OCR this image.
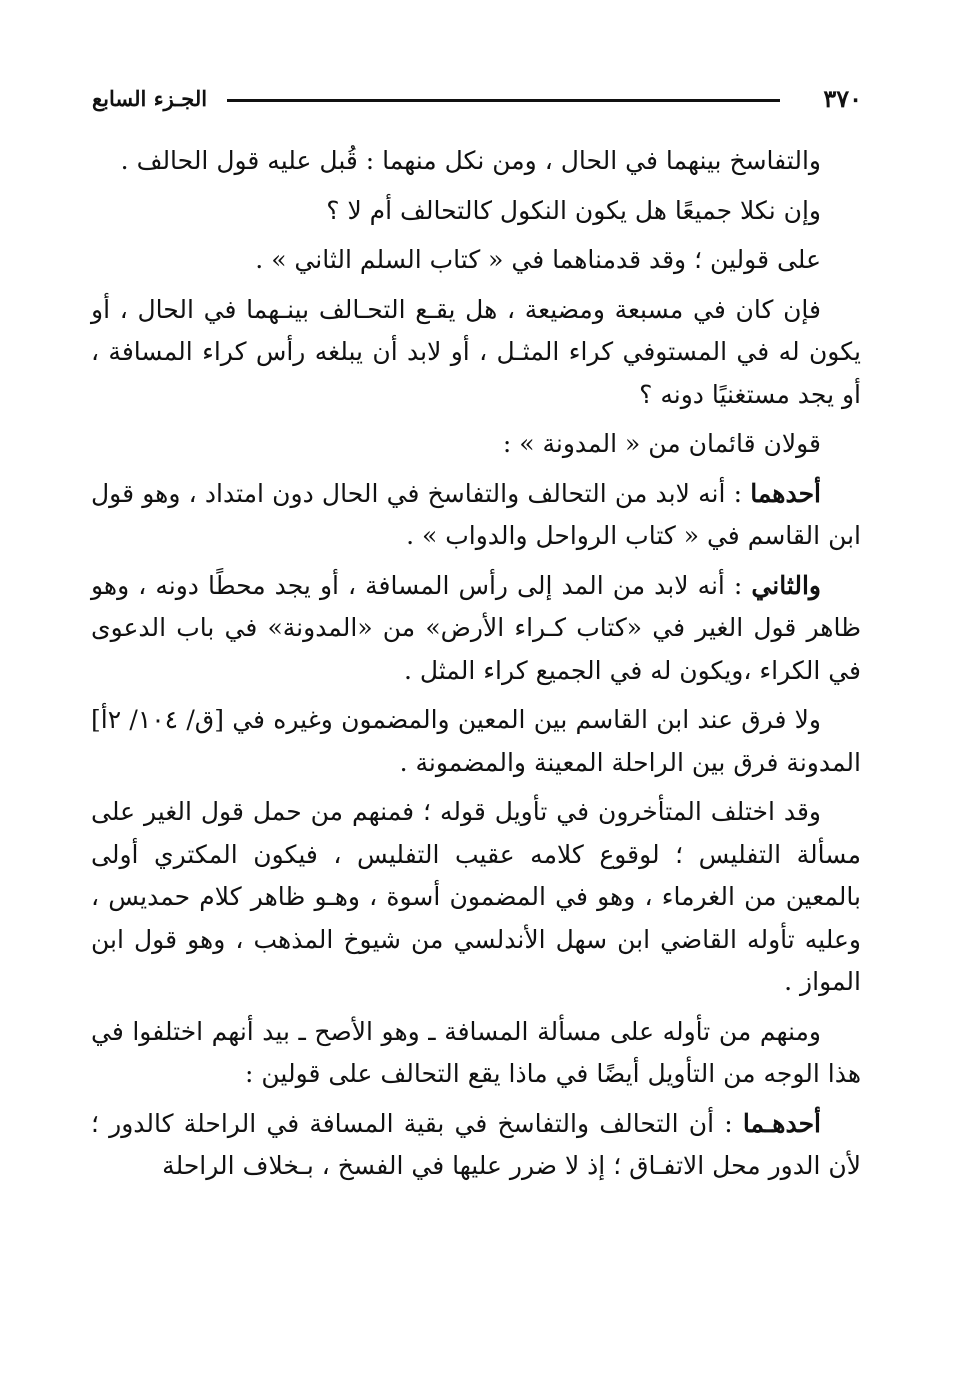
الجـزء السابع	٣٧٠

والتفاسخ بينهما في الحال ، ومن نكل منهما : قُبل عليه قول الحالف .

وإن نكلا جميعًا هل يكون النكول كالتحالف أم لا ؟

على قولين ؛ وقد قدمناهما في « كتاب السلم الثاني » .

فإن كان في مسبعة ومضيعة ، هل يقـع التحـالف بينـهما في الحال ، أو يكون له في المستوفي كراء المثـل ، أو لابد أن يبلغه رأس كراء المسافة ، أو يجد مستغنيًا دونه ؟

قولان قائمان من « المدونة » :

أحدهما : أنه لابد من التحالف والتفاسخ في الحال دون امتداد ، وهو قول ابن القاسم في « كتاب الرواحل والدواب » .

والثاني : أنه لابد من المد إلى رأس المسافة ، أو يجد محطًا دونه ، وهو ظاهر قول الغير في «كتاب كـراء الأرض» من «المدونة» في باب الدعوى في الكراء ،ويكون له في الجميع كراء المثل .

ولا فرق عند ابن القاسم بين المعين والمضمون وغيره في [ق/ ١٠٤/ ٢أ] المدونة فرق بين الراحلة المعينة والمضمونة .

وقد اختلف المتأخرون في تأويل قوله ؛ فمنهم من حمل قول الغير على مسألة التفليس ؛ لوقوع كلامه عقيب التفليس ، فيكون المكتري أولى بالمعين من الغرماء ، وهو في المضمون أسوة ، وهـو ظاهر كلام حمديس ، وعليه تأوله القاضي ابن سهل الأندلسي من شيوخ المذهب ، وهو قول ابن المواز .

ومنهم من تأوله على مسألة المسافة ـ وهو الأصح ـ بيد أنهم اختلفوا في هذا الوجه من التأويل أيضًا في ماذا يقع التحالف على قولين :

أحدهـما : أن التحالف والتفاسخ في بقية المسافة في الراحلة كالدور ؛ لأن الدور محل الاتفـاق ؛ إذ لا ضرر عليها في الفسخ ، بـخلاف الراحلة
